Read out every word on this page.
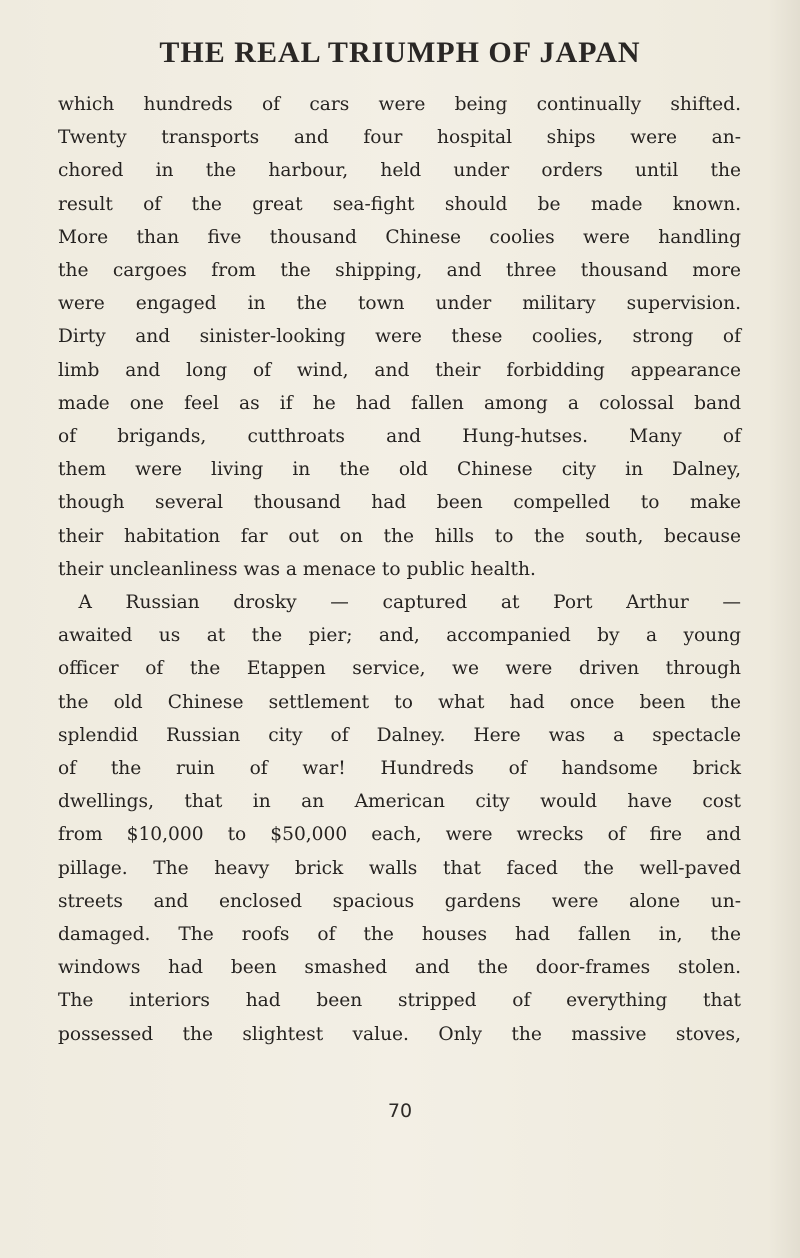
THE REAL TRIUMPH OF JAPAN

which hundreds of cars were being continually shifted.
Twenty transports and four hospital ships were an-
chored in the harbour, held under orders until the
result of the great sea-fight should be made known.
More than five thousand Chinese coolies were handling
the cargoes from the shipping, and three thousand more
were engaged in the town under military supervision.
Dirty and sinister-looking were these coolies, strong of
limb and long of wind, and their forbidding appearance
made one feel as if he had fallen among a colossal band
of brigands, cutthroats and Hung-hutses. Many of
them were living in the old Chinese city in Dalney,
though several thousand had been compelled to make
their habitation far out on the hills to the south, because
their uncleanliness was a menace to public health.

A Russian drosky — captured at Port Arthur —
awaited us at the pier; and, accompanied by a young
officer of the Etappen service, we were driven through
the old Chinese settlement to what had once been the
splendid Russian city of Dalney. Here was a spectacle
of the ruin of war! Hundreds of handsome brick
dwellings, that in an American city would have cost
from $10,000 to $50,000 each, were wrecks of fire and
pillage. The heavy brick walls that faced the well-paved
streets and enclosed spacious gardens were alone un-
damaged. The roofs of the houses had fallen in, the
windows had been smashed and the door-frames stolen.
The interiors had been stripped of everything that
possessed the slightest value. Only the massive stoves,

70
